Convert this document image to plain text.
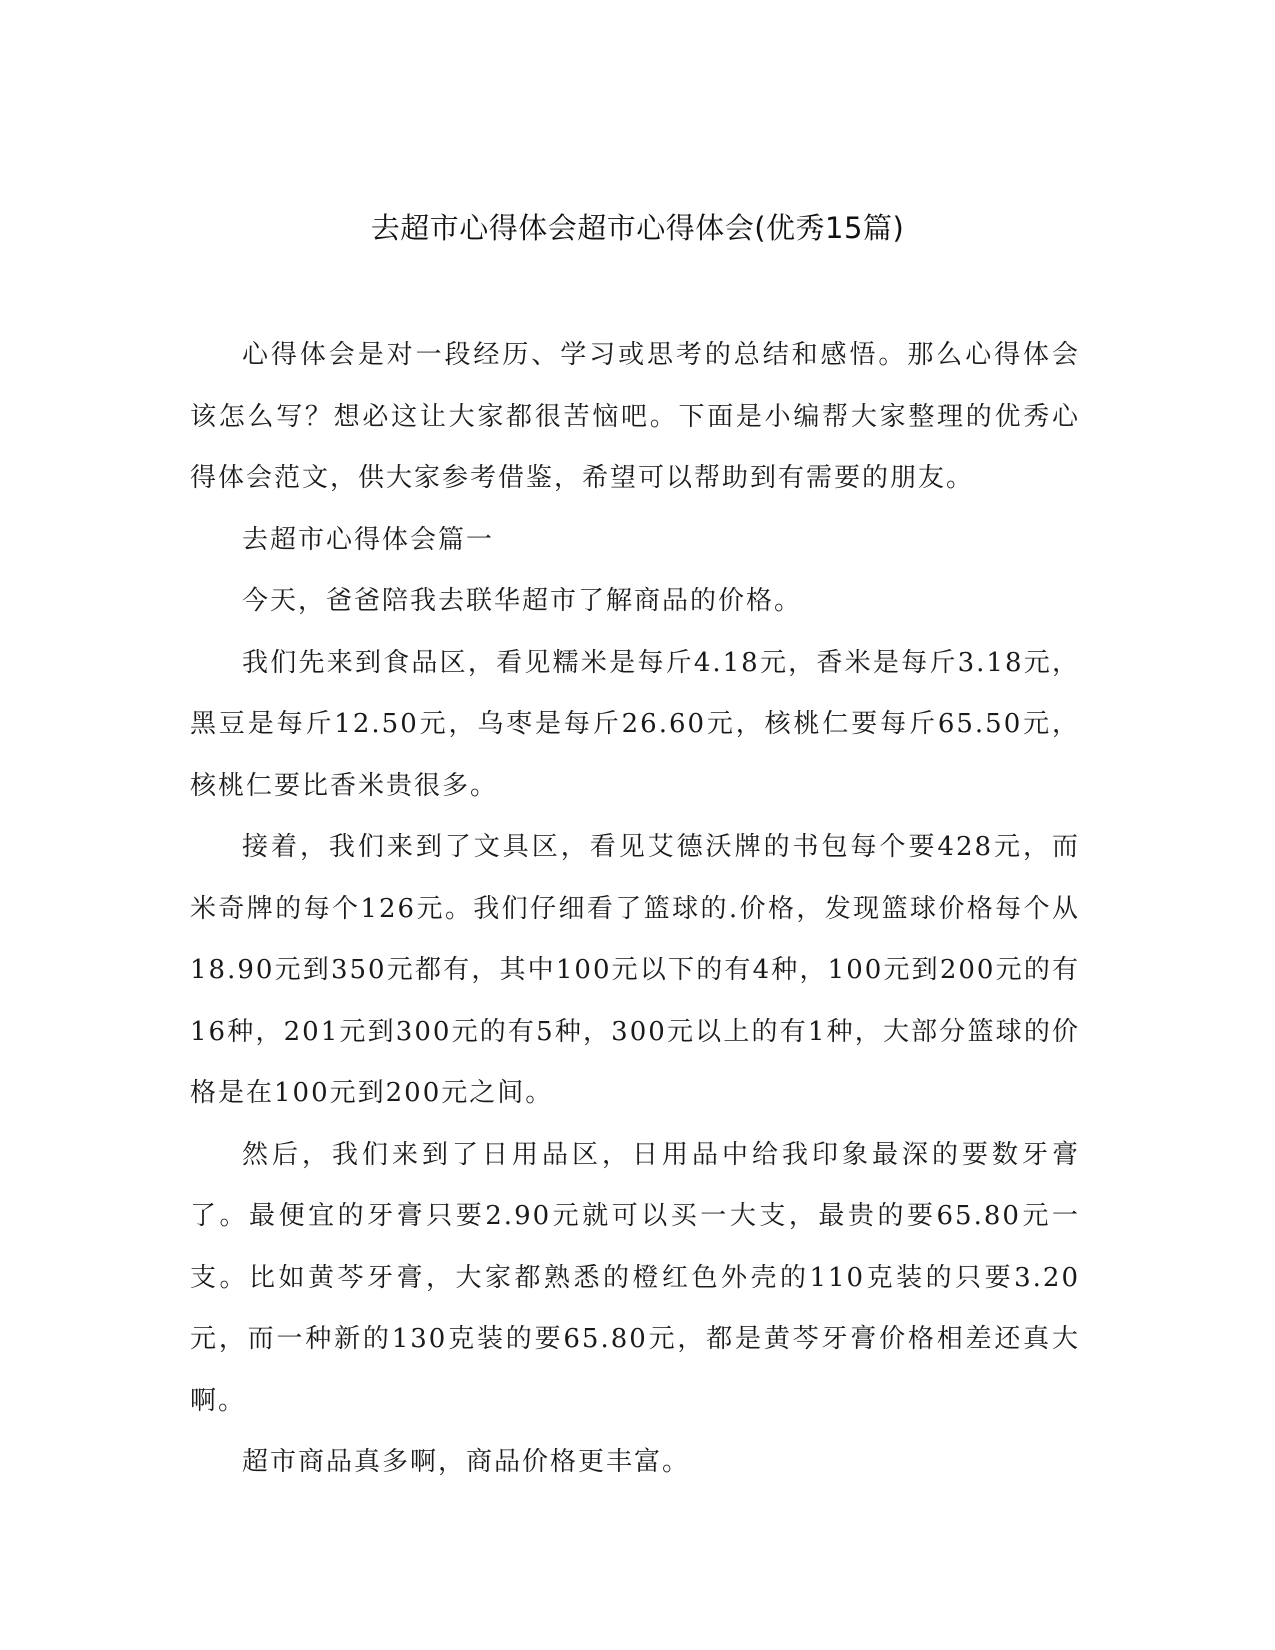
去超市心得体会超市心得体会(优秀15篇)

心得体会是对一段经历、学习或思考的总结和感悟。那么心得体会该怎么写？想必这让大家都很苦恼吧。下面是小编帮大家整理的优秀心得体会范文，供大家参考借鉴，希望可以帮助到有需要的朋友。

去超市心得体会篇一

今天，爸爸陪我去联华超市了解商品的价格。

我们先来到食品区，看见糯米是每斤4.18元，香米是每斤3.18元，黑豆是每斤12.50元，乌枣是每斤26.60元，核桃仁要每斤65.50元，核桃仁要比香米贵很多。

接着，我们来到了文具区，看见艾德沃牌的书包每个要428元，而米奇牌的每个126元。我们仔细看了篮球的.价格，发现篮球价格每个从18.90元到350元都有，其中100元以下的有4种，100元到200元的有16种，201元到300元的有5种，300元以上的有1种，大部分篮球的价格是在100元到200元之间。

然后，我们来到了日用品区，日用品中给我印象最深的要数牙膏了。最便宜的牙膏只要2.90元就可以买一大支，最贵的要65.80元一支。比如黄芩牙膏，大家都熟悉的橙红色外壳的110克装的只要3.20元，而一种新的130克装的要65.80元，都是黄芩牙膏价格相差还真大啊。

超市商品真多啊，商品价格更丰富。
